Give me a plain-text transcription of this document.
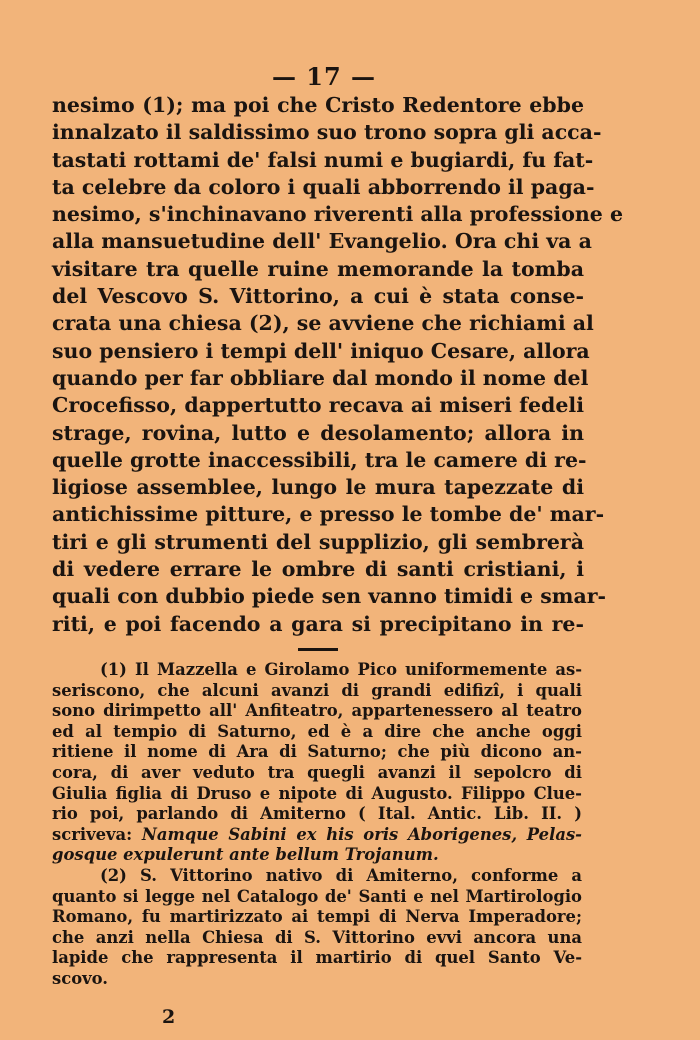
— 17 —
nesimo (1); ma poi che Cristo Redentore ebbe
innalzato il saldissimo suo trono sopra gli acca-
tastati rottami de' falsi numi e bugiardi, fu fat-
ta celebre da coloro i quali abborrendo il paga-
nesimo, s'inchinavano riverenti alla professione e
alla mansuetudine dell' Evangelio. Ora chi va a
visitare tra quelle ruine memorande la tomba
del Vescovo S. Vittorino, a cui è stata conse-
crata una chiesa (2), se avviene che richiami al
suo pensiero i tempi dell' iniquo Cesare, allora
quando per far obbliare dal mondo il nome del
Crocefisso, dappertutto recava ai miseri fedeli
strage, rovina, lutto e desolamento; allora in
quelle grotte inaccessibili, tra le camere di re-
ligiose assemblee, lungo le mura tapezzate di
antichissime pitture, e presso le tombe de' mar-
tiri e gli strumenti del supplizio, gli sembrerà
di vedere errare le ombre di santi cristiani, i
quali con dubbio piede sen vanno timidi e smar-
riti, e poi facendo a gara si precipitano in re-
(1) Il Mazzella e Girolamo Pico uniformemente as-
seriscono, che alcuni avanzi di grandi edifizî, i quali
sono dirimpetto all' Anfiteatro, appartenessero al teatro
ed al tempio di Saturno, ed è a dire che anche oggi
ritiene il nome di Ara di Saturno; che più dicono an-
cora, di aver veduto tra quegli avanzi il sepolcro di
Giulia figlia di Druso e nipote di Augusto. Filippo Clue-
rio poi, parlando di Amiterno ( Ital. Antic. Lib. II. )
scriveva: Namque Sabini ex his oris Aborigenes, Pelas-
gosque expulerunt ante bellum Trojanum.
(2) S. Vittorino nativo di Amiterno, conforme a
quanto si legge nel Catalogo de' Santi e nel Martirologio
Romano, fu martirizzato ai tempi di Nerva Imperadore;
che anzi nella Chiesa di S. Vittorino evvi ancora una
lapide che rappresenta il martirio di quel Santo Ve-
scovo.
2
